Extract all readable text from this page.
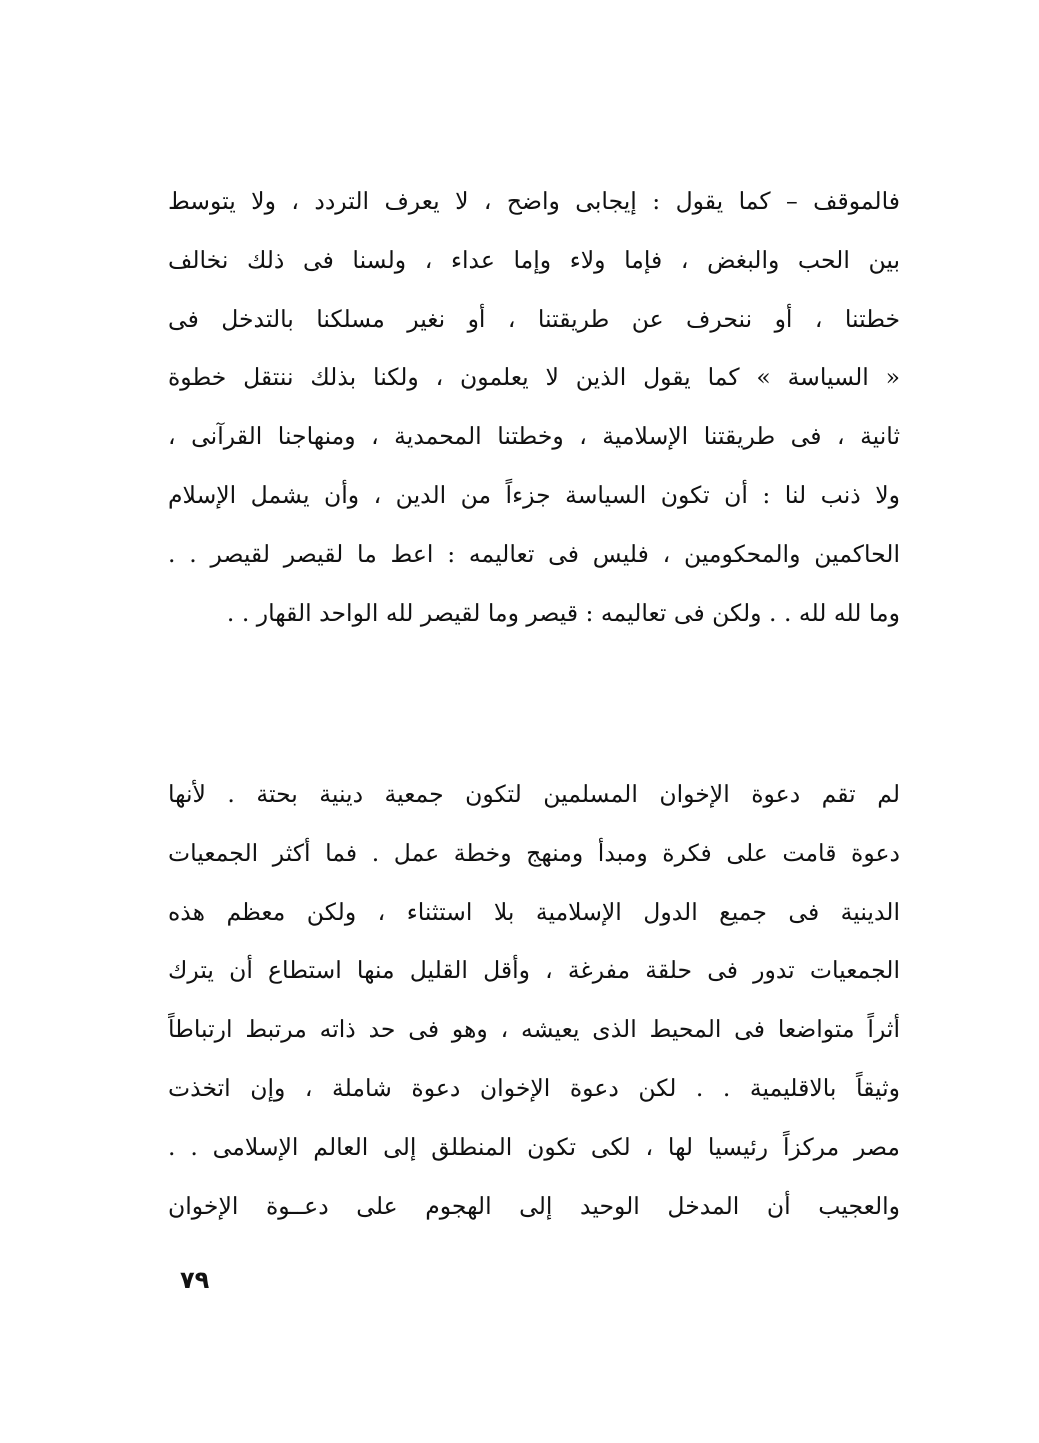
فالموقف – كما يقول : إيجابى واضح ، لا يعرف التردد ، ولا يتوسط
بين الحب والبغض ، فإما ولاء وإما عداء ، ولسنا فى ذلك نخالف
خطتنا ، أو ننحرف عن طريقتنا ، أو نغير مسلكنا بالتدخل فى
« السياسة » كما يقول الذين لا يعلمون ، ولكنا بذلك ننتقل خطوة
ثانية ، فى طريقتنا الإسلامية ، وخطتنا المحمدية ، ومنهاجنا القرآنى ،
ولا ذنب لنا : أن تكون السياسة جزءاً من الدين ، وأن يشمل الإسلام
الحاكمين والمحكومين ، فليس فى تعاليمه : اعط ما لقيصر لقيصر . .
وما لله لله . . ولكن فى تعاليمه : قيصر وما لقيصر لله الواحد القهار . .
لم تقم دعوة الإخوان المسلمين لتكون جمعية دينية بحتة . لأنها
دعوة قامت على فكرة ومبدأ ومنهج وخطة عمل . فما أكثر الجمعيات
الدينية فى جميع الدول الإسلامية بلا استثناء ، ولكن معظم هذه
الجمعيات تدور فى حلقة مفرغة ، وأقل القليل منها استطاع أن يترك
أثراً متواضعا فى المحيط الذى يعيشه ، وهو فى حد ذاته مرتبط ارتباطاً
وثيقاً بالاقليمية . . لكن دعوة الإخوان دعوة شاملة ، وإن اتخذت
مصر مركزاً رئيسيا لها ، لكى تكون المنطلق إلى العالم الإسلامى . .
والعجيب أن المدخل الوحيد إلى الهجوم على دعــوة الإخوان
٧٩
